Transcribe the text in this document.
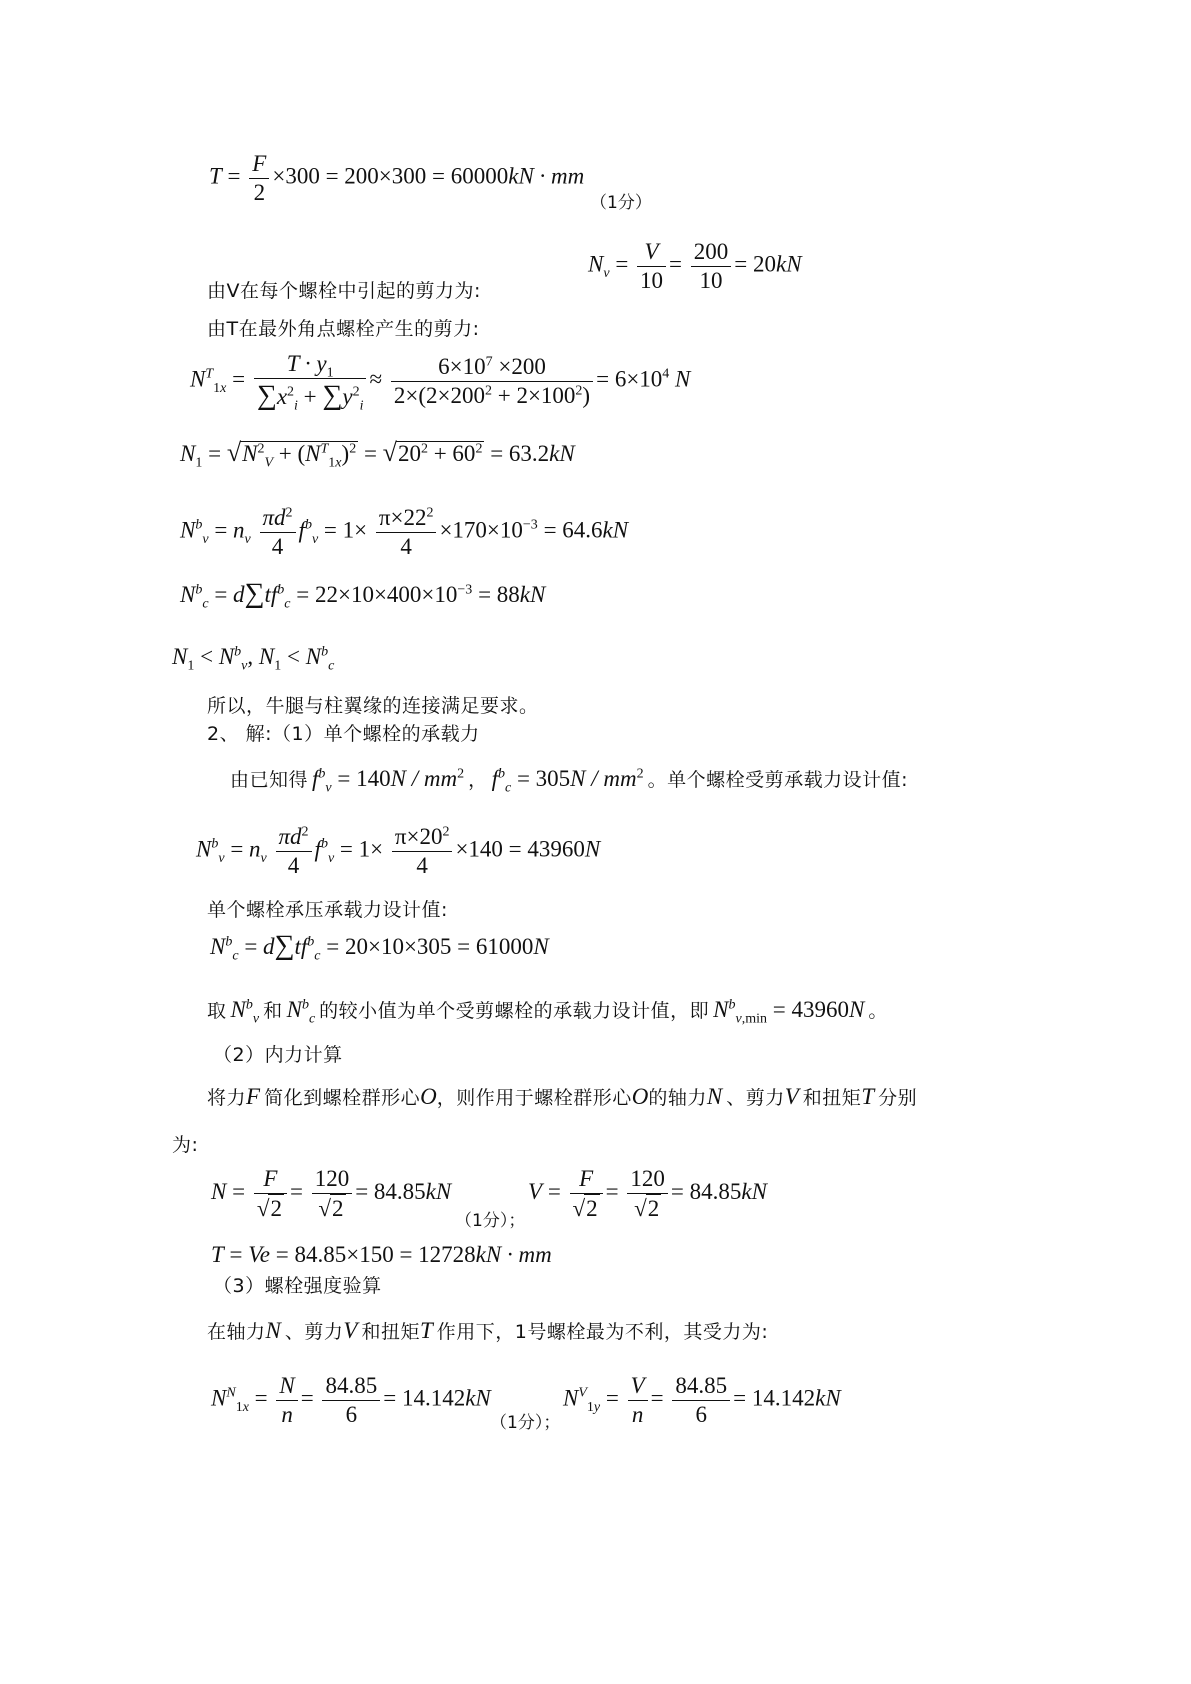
$T = \frac{F}{2} \times 300 = 200\times 300 = 60000kN$ · mm
（1分）
$N_v = \frac{V}{10} = \frac{200}{10} = 20kN$
由V在每个螺栓中引起的剪力为:
由T在最外角点螺栓产生的剪力:
$N^T_{1x} = \frac{T \cdot y_1}{\sum x^2_i + \sum y^2_i} \approx \frac{6\times 10^7 \times 200}{2\times(2\times 200^2 + 2\times 100^2)} = 6\times 10^4$ N
$N_1 = √N^2_V + (N^T_{1x})^2 = √20^2 + 60^2 = 63.2kN$
$N^b_v = n_v \frac{\pi d^2}{4} f^b_v = 1\times \frac{\pi\times 22^2}{4} \times 170\times 10^{-3} = 64.6kN$
$N^b_c = d\sum tf^b_c = 22\times 10\times 400\times 10^{-3} = 88kN$
$N_1 < N^b_v$, $N_1 < N^b_c$
所以，牛腿与柱翼缘的连接满足要求。
2、 解:（1）单个螺栓的承载力
由已知得 $f^b_v = 140N / mm^2$ ， $f^b_c = 305N / mm^2$ 。单个螺栓受剪承载力设计值:
$N^b_v = n_v \frac{\pi d^2}{4} f^b_v = 1\times \frac{\pi\times 20^2}{4} \times 140 = 43960N$
单个螺栓承压承载力设计值:
$N^b_c = d\sum tf^b_c = 20\times 10\times 305 = 61000N$
取 $N^b_v$ 和 $N^b_c$ 的较小值为单个受剪螺栓的承载力设计值，即 $N^b_{v,min} = 43960N$ 。
（2）内力计算
将力F 简化到螺栓群形心O，则作用于螺栓群形心O的轴力N 、剪力V 和扭矩T 分别
为:
$N = \frac{F}{√2} = \frac{120}{√2} = 84.85kN$
（1分）；
$V = \frac{F}{√2} = \frac{120}{√2} = 84.85kN$
T = Ve = 84.85×150 = 12728kN · mm
（3）螺栓强度验算
在轴力N 、剪力V 和扭矩T 作用下，1号螺栓最为不利，其受力为:
$N^N_{1x} = \frac{N}{n} = \frac{84.85}{6} = 14.142kN$
（1分）；
$N^V_{1y} = \frac{V}{n} = \frac{84.85}{6} = 14.142kN$
